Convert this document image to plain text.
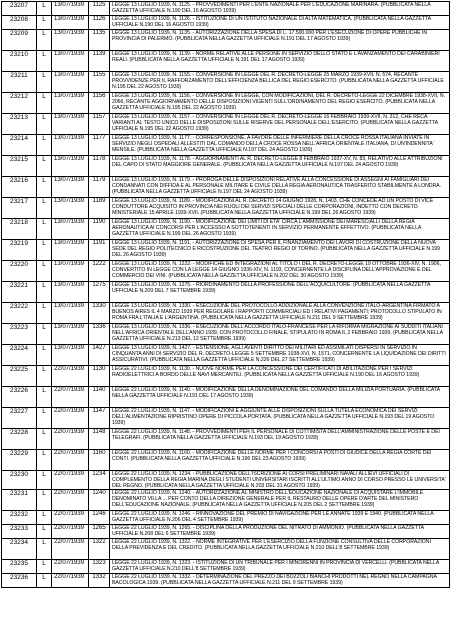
23207	L	13/07/1939	1125	LEGGE 13 LUGLIO 1939, N. 1125. - PROVVEDIMENTI PER L'ENTE NAZIONALE PER L'EDUCAZIONE MARINARA. (PUBBLICATA NELLA GAZZETTA UFFICIALE N.190 DEL 16 AGOSTO 1939)
23208	L	13/07/1939	1126	LEGGE 13 LUGLIO 1939, N. 1126. - ISTITUZIONE DI UN ISTITUTO NAZIONALE DI ALTA MATEMATICA. (PUBBLICATA NELLA GAZZETTA UFFICIALE N.190 DEL 16 AGOSTO 1939)
23209	L	13/07/1939	1135	LEGGE 13 LUGLIO 1939, N. 1135. - AUTORIZZAZIONE DELLA SPESA DI L. 17.500.000 PER L'ESECUZIONE DI OPERE PUBBLICHE IN PROVINCIA DI PALERMO. (PUBBLICATA NELLA GAZZETTA UFFICIALE N.191 DEL 17 AGOSTO 1939)
23210	L	13/07/1939	1139	LEGGE 13 LUGLIO 1939, N. 1139. - NORME RELATIVE ALLE PERSONE IN SERVIZIO DELLO STATO E L'AVANZAMENTO DEI CARABINIERI REALI. (PUBBLICATA NELLA GAZZETTA UFFICIALE N.191 DEL 17 AGOSTO 1939)
23211	L	13/07/1939	1155	LEGGE 13 LUGLIO 1939, N. 1155. - CONVERSIONE IN LEGGE DEL R. DECRETO-LEGGE 25 MARZO 1939-XVII, N. 574, RECANTE PROVVIDENZE PER IL RAFFORZAMENTO DELL'EFFICIENZA BELLICA DEL REGIO ESERCITO. (PUBBLICATA NELLA GAZZETTA UFFICIALE N.195 DEL 22 AGOSTO 1939)
23212	L	13/07/1939	1156	LEGGE 13 LUGLIO 1939, N. 1156. - CONVERSIONE IN LEGGE, CON MODIFICAZIONI, DEL R. DECRETO-LEGGE 22 DICEMBRE 1938-XVII, N. 2066, RECANTE AGGIORNAMENTO DELLE DISPOSIZIONI VIGENTI SULL'ORDINAMENTO DEL REGIO ESERCITO. (PUBBLICATA NELLA GAZZETTA UFFICIALE N.195 DEL 22 AGOSTO 1939)
23213	L	13/07/1939	1157	LEGGE 13 LUGLIO 1939, N. 1157. - CONVERSIONE IN LEGGE DEL R. DECRETO-LEGGE 16 FEBBRAIO 1939-XVII, N. 312, CHE RECA VARIANTI AL TESTO UNICO DELLE DISPOSIZIONI SULLE RISERVE DEL PERSONALE DELL'ESERCITO. (PUBBLICATA NELLA GAZZETTA UFFICIALE N.195 DEL 22 AGOSTO 1939)
23214	L	13/07/1939	1177	LEGGE 13 LUGLIO 1939, N. 1177. - CORRESPONSIONE, A FAVORE DELLE INFERMIERE DELLA CROCE ROSSA ITALIANA INVIATE IN SERVIZIO NEGLI OSPEDALI ALLESTITI DAL COMANDO DELLA CROCE ROSSA NELL'AFRICA ORIENTALE ITALIANA, DI UN'INDENNITA' MENSILE. (PUBBLICATA NELLA GAZZETTA UFFICIALE N.197 DEL 24 AGOSTO 1939)
23215	L	13/07/1939	1178	LEGGE 13 LUGLIO 1939, N. 1178. - AGGIORNAMENTI AL R. DECRETO-LEGGE 8 FEBBRAIO 1937-XV, N. 83, RELATIVO ALLE ATTRIBUZIONI DEL CAPO DI STATO MAGGIORE GENERALE. (PUBBLICATA NELLA GAZZETTA UFFICIALE N.197 DEL 24 AGOSTO 1939)
23216	L	13/07/1939	1179	LEGGE 13 LUGLIO 1939, N. 1179. - PROROGA DELLE DISPOSIZIONI RELATIVE ALLA CONCESSIONE DI ASSEGNI AI FAMIGLIARI DEI CONDANNATI CON DIFFIDA E AL PERSONALE MILITARE E CIVILE DELLA REGIA AERONAUTICA TRASFERITO STABILMENTE A LONDRA. (PUBBLICATA NELLA GAZZETTA UFFICIALE N.197 DEL 24 AGOSTO 1939)
23217	L	13/07/1939	1189	LEGGE 13 LUGLIO 1939, N. 1189. - MODIFICAZIONI AL R. DECRETO 14 GIUGNO 1928, N. 1403, CHE CONCEDE AD UN POSTO DI VICE CONDUTTORE ACQUISITO IN PROVINCIA NEI RUOLI DEI SERVIZI SPECIALI DELLE CORPORAZIONI, INDETTO CON DECRETO MINISTERIALE 15 APRILE 1939-XVII. (PUBBLICATA NELLA GAZZETTA UFFICIALE N.199 DEL 26 AGOSTO 1939)
23218	L	13/07/1939	1190	LEGGE 13 LUGLIO 1939, N. 1190. - MODIFICAZIONE DEI LIMITI DI ETA' CIRCA L'AMMISSIONE DEI MARESCIALLI DELLA REGIA AERONAUTICA AI CONCORSI PER L'ACCESSO A SOTTOTENENTI IN SERVIZIO PERMANENTE EFFETTIVO. (PUBBLICATA NELLA GAZZETTA UFFICIALE N.199 DEL 26 AGOSTO 1939)
23219	L	13/07/1939	1191	LEGGE 13 LUGLIO 1939, N. 1191. - AUTORIZZAZIONE DI SPESA PER IL FINANZIAMENTO DEI LAVORI DI COSTRUZIONE DELLA NUOVA SEDE DEL REGIO POLITECNICO E RICOSTRUZIONE DEL TEATRO REGIO DI TORINO. (PUBBLICATA NELLA GAZZETTA UFFICIALE N.199 DEL 26 AGOSTO 1939)
23220	L	13/07/1939	1222	LEGGE 13 LUGLIO 1939, N. 1222. - MODIFICHE ED INTEGRAZIONI AL TITOLO I DEL R. DECRETO-LEGGE 19 OTTOBRE 1936-XIV, N. 1906, CONVERTITO IN LEGGE CON LA LEGGE 14 GIUGNO 1936-XIV, N. 1193, CONCERNENTE LA DISCIPLINA DELL'APPROVAZIONE E DEL COMMERCIO DEI VINI. (PUBBLICATA NELLA GAZZETTA UFFICIALE N.202 DEL 30 AGOSTO 1939)
23221	L	13/07/1939	1275	LEGGE 13 LUGLIO 1939, N. 1275. - RIORDINAMENTO DELLA PROFESSIONE DELL'ACQUICULTORE. (PUBBLICATA NELLA GAZZETTA UFFICIALE N.209 DEL 7 SETTEMBRE 1939)
23222	L	13/07/1939	1330	LEGGE 13 LUGLIO 1939, N. 1330. - ESECUZIONE DEL PROTOCOLLO ADDIZIONALE ALLA CONVENZIONE ITALO-ARGENTINA FIRMATO A BUENOS AIRES IL 4 MARZO 1939 PER REGOLARE I RAPPORTI COMMERCIALI ED I RELATIVI PAGAMENTI; PROTOCOLLO STIPULATO IN ROMA FRA L'ITALIA E L'ARGENTINA. (PUBBLICATA NELLA GAZZETTA UFFICIALE N.211 DEL 9 SETTEMBRE 1939)
23223	L	13/07/1939	1336	LEGGE 13 LUGLIO 1939, N. 1336. - ESECUZIONE DELL'ACCORDO ITALO-FRANCESE PER LA RIFORMA MIGRAZIONE AI SUDDITI ITALIANI NELL'AFRICA ORIENTALE DELL'ANNO 1939, CON PROTOCOLLO FINALE, STIPULATO IN ROMA IL 2 FEBBRAIO 1939. (PUBBLICATA NELLA GAZZETTA UFFICIALE N.213 DEL 12 SETTEMBRE 1939)
23224	L	13/07/1939	1427	LEGGE 13 LUGLIO 1939, N. 1427. - ESTENSIONE, AGLI AVENTI DIRITTO DEI MILITARI ED ASSIMILATI DISPERSI IN SERVIZIO IN CINQUANTA ANNI DI SERVIZIO DEL R. DECRETO-LEGGE 5 SETTEMBRE 1938-XVI, N. 1571, CONCERNENTE LA LIQUIDAZIONE DEI DIRITTI ASSICURATIVI. (PUBBLICATA NELLA GAZZETTA UFFICIALE N.226 DEL 27 SETTEMBRE 1939)
23225	L	22/07/1939	1130	LEGGE 22 LUGLIO 1939, N. 1130. - NUOVE NORME PER LA CONCESSIONE DEI CERTIFICATI DI ABILITAZIONE PER I SERVIZI RADIOELETTRICI A BORDO DELLE NAVI MERCANTILI. (PUBBLICATA NELLA GAZZETTA UFFICIALE N.190 DEL 16 AGOSTO 1939)
23226	L	22/07/1939	1140	LEGGE 22 LUGLIO 1939, N. 1140. - MODIFICAZIONE DELLA DENOMINAZIONE DEL COMANDO DELLA MILIZIA PORTUARIA. (PUBBLICATA NELLA GAZZETTA UFFICIALE N.191 DEL 17 AGOSTO 1939)
23227	L	22/07/1939	1147	LEGGE 22 LUGLIO 1939, N. 1147. - MODIFICAZIONI E AGGIUNTE ALLE DISPOSIZIONI SULLA TUTELA ECONOMICA DEI SERVIZI DELL'ALIMENTAZIONE RIPRISTINO OPERE DI PICCOLA PORTATA. (PUBBLICATA NELLA GAZZETTA UFFICIALE N.193 DEL 19 AGOSTO 1939)
23228	L	22/07/1939	1148	LEGGE 22 LUGLIO 1939, N. 1148. - PROVVEDIMENTI PER IL PERSONALE DI COTTIMISTA DELL'AMMINISTRAZIONE DELLE POSTE E DEI TELEGRAFI. (PUBBLICATA NELLA GAZZETTA UFFICIALE N.193 DEL 19 AGOSTO 1939)
23229	L	22/07/1939	1160	LEGGE 22 LUGLIO 1939, N. 1160. - MODIFICAZIONE DELLE NORME PER I CONCORSI A POSTI DI GIUDICE DELLA REGIA CORTE DEI CONTI. (PUBBLICATA NELLA GAZZETTA UFFICIALE N.196 DEL 23 AGOSTO 1939)
23230	L	22/07/1939	1234	LEGGE 22 LUGLIO 1939, N. 1234. - PUBBLICAZIONE DELL'ISCRIZIONE AI CORSI PRELIMINARI NAVALI ALLIEVI UFFICIALI DI COMPLEMENTO DELLA REGIA MARINA DEGLI STUDENTI UNIVERSITARI ISCRITTI ALL'ULTIMO ANNO DI CORSO PRESSO LE UNIVERSITA' DEL REGNO. (PUBBLICATA NELLA GAZZETTA UFFICIALE N.203 DEL 31 AGOSTO 1939)
23231	L	22/07/1939	1240	LEGGE 22 LUGLIO 1939, N. 1240. - AUTORIZZAZIONE AL MINISTRO DELL'EDUCAZIONE NAZIONALE DI ACQUISTARE L'IMMOBILE DENOMINATO VILLA ... PER CONTO DELLA DIREZIONE GENERALE PER IL RESTAURO DELLE OPERE D'ARTE DEL MINISTERO DELL'EDUCAZIONE NAZIONALE. (PUBBLICATA NELLA GAZZETTA UFFICIALE N.205 DEL 2 SETTEMBRE 1939)
23232	L	22/07/1939	1246	LEGGE 22 LUGLIO 1939, N. 1246. - RINNOVAZIONE DEL PREMIO DI NAVIGAZIONE PER LE ANNATE 1939 E 1940. (PUBBLICATA NELLA GAZZETTA UFFICIALE N.206 DEL 4 SETTEMBRE 1939)
23233	L	22/07/1939	1265	LEGGE 22 LUGLIO 1939, N. 1265. - DISCIPLINA DELLA PRODUZIONE DEL NITRATO DI AMMONIO. (PUBBLICATA NELLA GAZZETTA UFFICIALE N.208 DEL 6 SETTEMBRE 1939)
23234	L	22/07/1939	1322	LEGGE 22 LUGLIO 1939, N. 1322. - NORME INTEGRATIVE PER L'ESERCIZIO DELLA FUNZIONE CONSULTIVA DELLE CORPORAZIONI DELLA PREVIDENZA E DEL CREDITO. (PUBBLICATA NELLA GAZZETTA UFFICIALE N.210 DELL'8 SETTEMBRE 1939)
23235	L	22/07/1939	1323	LEGGE 22 LUGLIO 1939, N. 1323. - ISTITUZIONE DI UN TRIBUNALE PER I MINORENNI IN PROVINCIA DI VERCELLI. (PUBBLICATA NELLA GAZZETTA UFFICIALE N.210 DELL'8 SETTEMBRE 1939)
23236	L	22/07/1939	1332	LEGGE 22 LUGLIO 1939, N. 1332. - DETERMINAZIONE DEL PREZZO DEI BOZZOLI BIANCHI PRODOTTI NEL REGNO NELLA CAMPAGNA BACOLOGICA 1939. (PUBBLICATA NELLA GAZZETTA UFFICIALE N.211 DEL 9 SETTEMBRE 1939)
